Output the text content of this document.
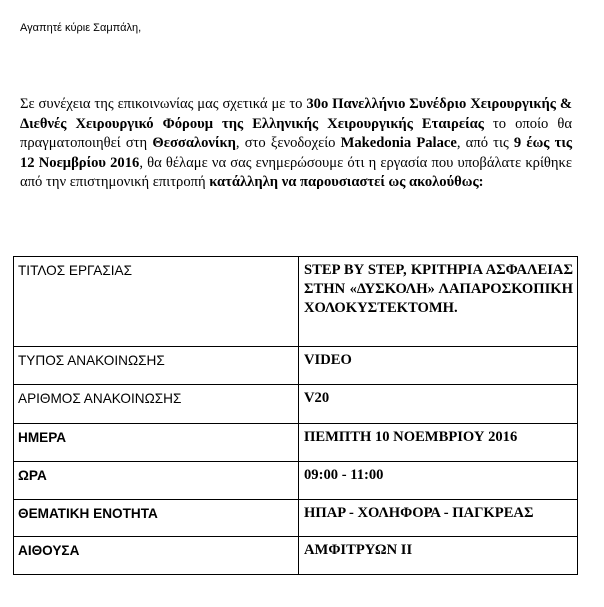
Αγαπητέ κύριε Σαμπάλη,

Σε συνέχεια της επικοινωνίας μας σχετικά με το 30ο Πανελλήνιο Συνέδριο Χειρουργικής & Διεθνές Χειρουργικό Φόρουμ της Ελληνικής Χειρουργικής Εταιρείας το οποίο θα πραγματοποιηθεί στη Θεσσαλονίκη, στο ξενοδοχείο Makedonia Palace, από τις 9 έως τις 12 Νοεμβρίου 2016, θα θέλαμε να σας ενημερώσουμε ότι η εργασία που υποβάλατε κρίθηκε από την επιστημονική επιτροπή κατάλληλη να παρουσιαστεί ως ακολούθως:

ΤΙΤΛΟΣ ΕΡΓΑΣΙΑΣ	STEP BY STEP, ΚΡΙΤΗΡΙΑ ΑΣΦΑΛΕΙΑΣ ΣΤΗΝ «ΔΥΣΚΟΛΗ» ΛΑΠΑΡΟΣΚΟΠΙΚΗ ΧΟΛΟΚΥΣΤΕΚΤΟΜΗ.
ΤΥΠΟΣ ΑΝΑΚΟΙΝΩΣΗΣ	VIDEO
ΑΡΙΘΜΟΣ ΑΝΑΚΟΙΝΩΣΗΣ	V20
ΗΜΕΡΑ	ΠΕΜΠΤΗ 10 ΝΟΕΜΒΡΙΟΥ 2016
ΩΡΑ	09:00 - 11:00
ΘΕΜΑΤΙΚΗ ΕΝΟΤΗΤΑ	ΗΠΑΡ - ΧΟΛΗΦΟΡΑ - ΠΑΓΚΡΕΑΣ
ΑΙΘΟΥΣΑ	ΑΜΦΙΤΡΥΩΝ ΙΙ
